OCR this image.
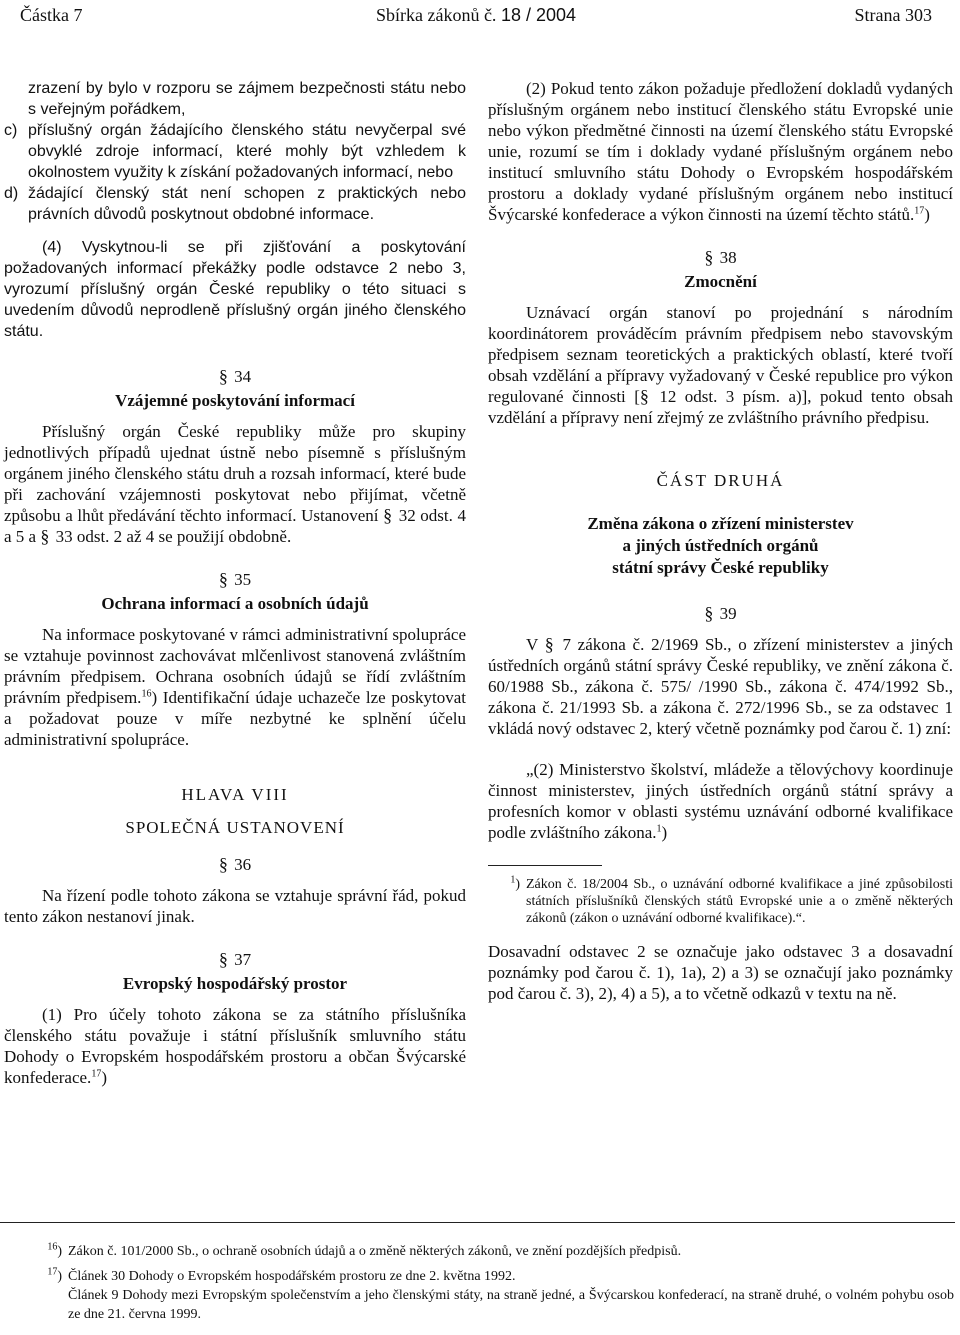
Částka 7	Sbírka zákonů č. 18 / 2004	Strana 303

zrazení by bylo v rozporu se zájmem bezpečnosti státu nebo s veřejným pořádkem,

c) příslušný orgán žádajícího členského státu nevyčerpal své obvyklé zdroje informací, které mohly být vzhledem k okolnostem využity k získání požadovaných informací, nebo
d) žádající členský stát není schopen z praktických nebo právních důvodů poskytnout obdobné informace.

(4) Vyskytnou-li se při zjišťování a poskytování požadovaných informací překážky podle odstavce 2 nebo 3, vyrozumí příslušný orgán České republiky o této situaci s uvedením důvodů neprodleně příslušný orgán jiného členského státu.

§ 34
Vzájemné poskytování informací

Příslušný orgán České republiky může pro skupiny jednotlivých případů ujednat ústně nebo písemně s příslušným orgánem jiného členského státu druh a rozsah informací, které bude při zachování vzájemnosti poskytovat nebo přijímat, včetně způsobu a lhůt předávání těchto informací. Ustanovení § 32 odst. 4 a 5 a § 33 odst. 2 až 4 se použijí obdobně.

§ 35
Ochrana informací a osobních údajů

Na informace poskytované v rámci administrativní spolupráce se vztahuje povinnost zachovávat mlčenlivost stanovená zvláštním právním předpisem. Ochrana osobních údajů se řídí zvláštním právním předpisem.$^{16}$) Identifikační údaje uchazeče lze poskytovat a požadovat pouze v míře nezbytné ke splnění účelu administrativní spolupráce.

HLAVA VIII
SPOLEČNÁ USTANOVENÍ
§ 36

Na řízení podle tohoto zákona se vztahuje správní řád, pokud tento zákon nestanoví jinak.

§ 37
Evropský hospodářský prostor

(1) Pro účely tohoto zákona se za státního příslušníka členského státu považuje i státní příslušník smluvního státu Dohody o Evropském hospodářském prostoru a občan Švýcarské konfederace.$^{17}$)

(2) Pokud tento zákon požaduje předložení dokladů vydaných příslušným orgánem nebo institucí členského státu Evropské unie nebo výkon předmětné činnosti na území členského státu Evropské unie, rozumí se tím i doklady vydané příslušným orgánem nebo institucí smluvního státu Dohody o Evropském hospodářském prostoru a doklady vydané příslušným orgánem nebo institucí Švýcarské konfederace a výkon činnosti na území těchto států.$^{17}$)

§ 38
Zmocnění

Uznávací orgán stanoví po projednání s národním koordinátorem prováděcím právním předpisem nebo stavovským předpisem seznam teoretických a praktických oblastí, které tvoří obsah vzdělání a přípravy vyžadovaný v České republice pro výkon regulované činnosti [§ 12 odst. 3 písm. a)], pokud tento obsah vzdělání a přípravy není zřejmý ze zvláštního právního předpisu.

ČÁST DRUHÁ
Změna zákona o zřízení ministerstev
a jiných ústředních orgánů
státní správy České republiky
§ 39

V § 7 zákona č. 2/1969 Sb., o zřízení ministerstev a jiných ústředních orgánů státní správy České republiky, ve znění zákona č. 60/1988 Sb., zákona č. 575/ /1990 Sb., zákona č. 474/1992 Sb., zákona č. 21/1993 Sb. a zákona č. 272/1996 Sb., se za odstavec 1 vkládá nový odstavec 2, který včetně poznámky pod čarou č. 1) zní:

„(2) Ministerstvo školství, mládeže a tělovýchovy koordinuje činnost ministerstev, jiných ústředních orgánů státní správy a profesních komor v oblasti systému uznávání odborné kvalifikace podle zvláštního zákona.$^1$)

$^1$) Zákon č. 18/2004 Sb., o uznávání odborné kvalifikace a jiné způsobilosti státních příslušníků členských států Evropské unie a o změně některých zákonů (zákon o uznávání odborné kvalifikace).“.

Dosavadní odstavec 2 se označuje jako odstavec 3 a dosavadní poznámky pod čarou č. 1), 1a), 2) a 3) se označují jako poznámky pod čarou č. 3), 2), 4) a 5), a to včetně odkazů v textu na ně.

$^{16}$) Zákon č. 101/2000 Sb., o ochraně osobních údajů a o změně některých zákonů, ve znění pozdějších předpisů.
$^{17}$) Článek 30 Dohody o Evropském hospodářském prostoru ze dne 2. května 1992.
Článek 9 Dohody mezi Evropským společenstvím a jeho členskými státy, na straně jedné, a Švýcarskou konfederací, na straně druhé, o volném pohybu osob ze dne 21. června 1999.
